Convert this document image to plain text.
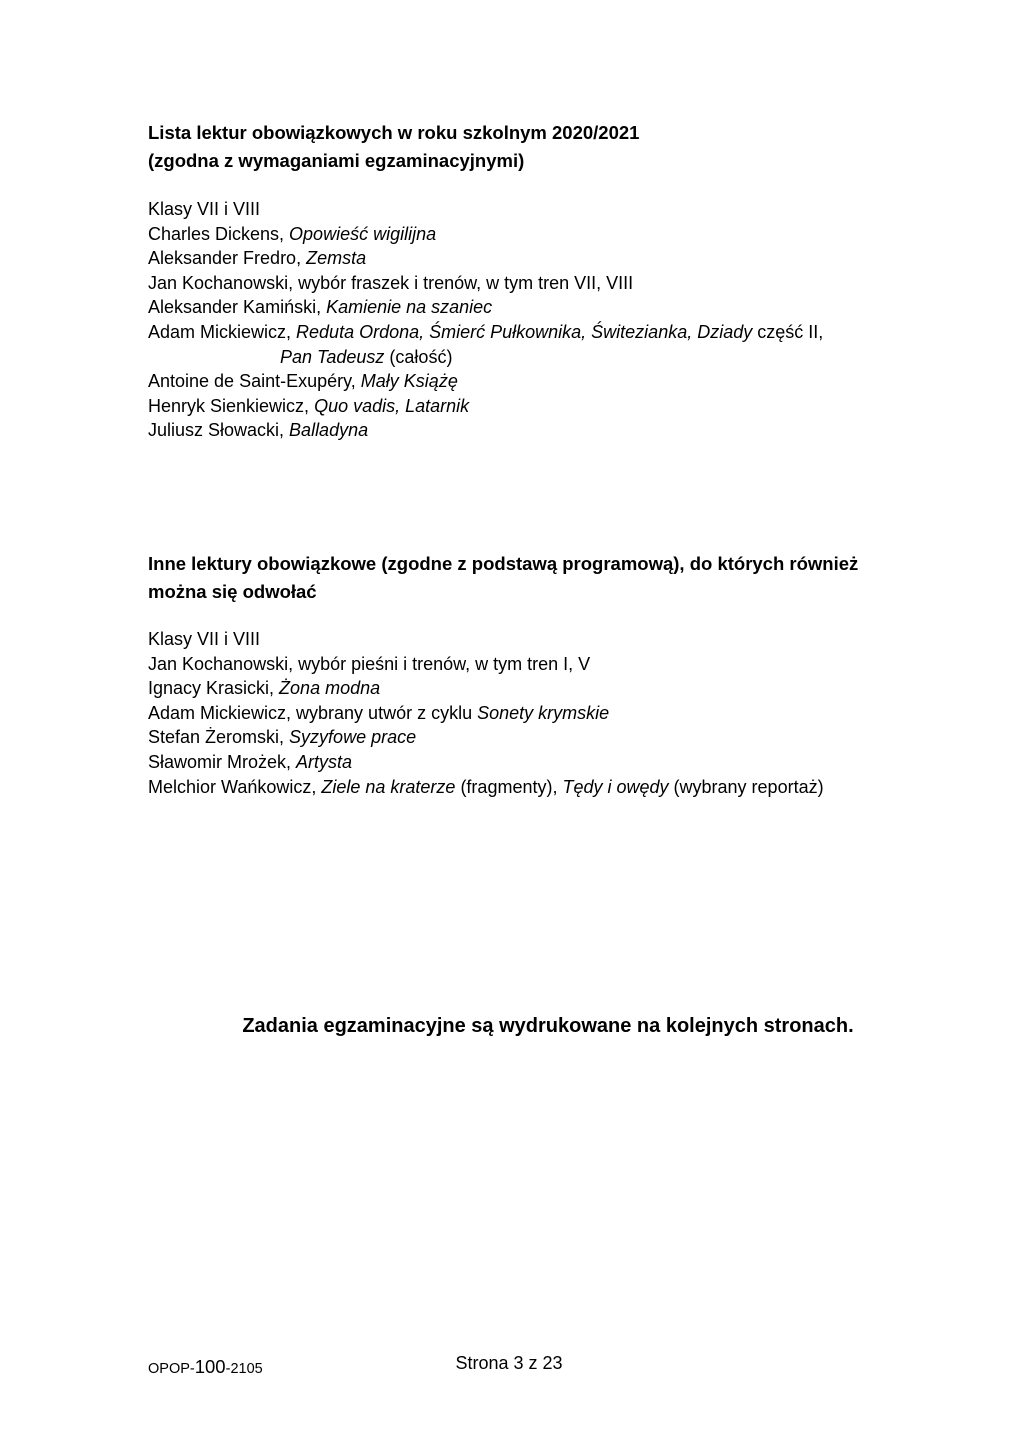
Lista lektur obowiązkowych w roku szkolnym 2020/2021
(zgodna z wymaganiami egzaminacyjnymi)
Klasy VII i VIII
Charles Dickens, Opowieść wigilijna
Aleksander Fredro, Zemsta
Jan Kochanowski, wybór fraszek i trenów, w tym tren VII, VIII
Aleksander Kamiński, Kamienie na szaniec
Adam Mickiewicz, Reduta Ordona, Śmierć Pułkownika, Świtezianka, Dziady część II,
Pan Tadeusz (całość)
Antoine de Saint-Exupéry, Mały Książę
Henryk Sienkiewicz, Quo vadis, Latarnik
Juliusz Słowacki, Balladyna
Inne lektury obowiązkowe (zgodne z podstawą programową), do których również
można się odwołać
Klasy VII i VIII
Jan Kochanowski, wybór pieśni i trenów, w tym tren I, V
Ignacy Krasicki, Żona modna
Adam Mickiewicz, wybrany utwór z cyklu Sonety krymskie
Stefan Żeromski, Syzyfowe prace
Sławomir Mrożek, Artysta
Melchior Wańkowicz, Ziele na kraterze (fragmenty), Tędy i owędy (wybrany reportaż)
Zadania egzaminacyjne są wydrukowane na kolejnych stronach.
OPOP-100-2105	Strona 3 z 23
